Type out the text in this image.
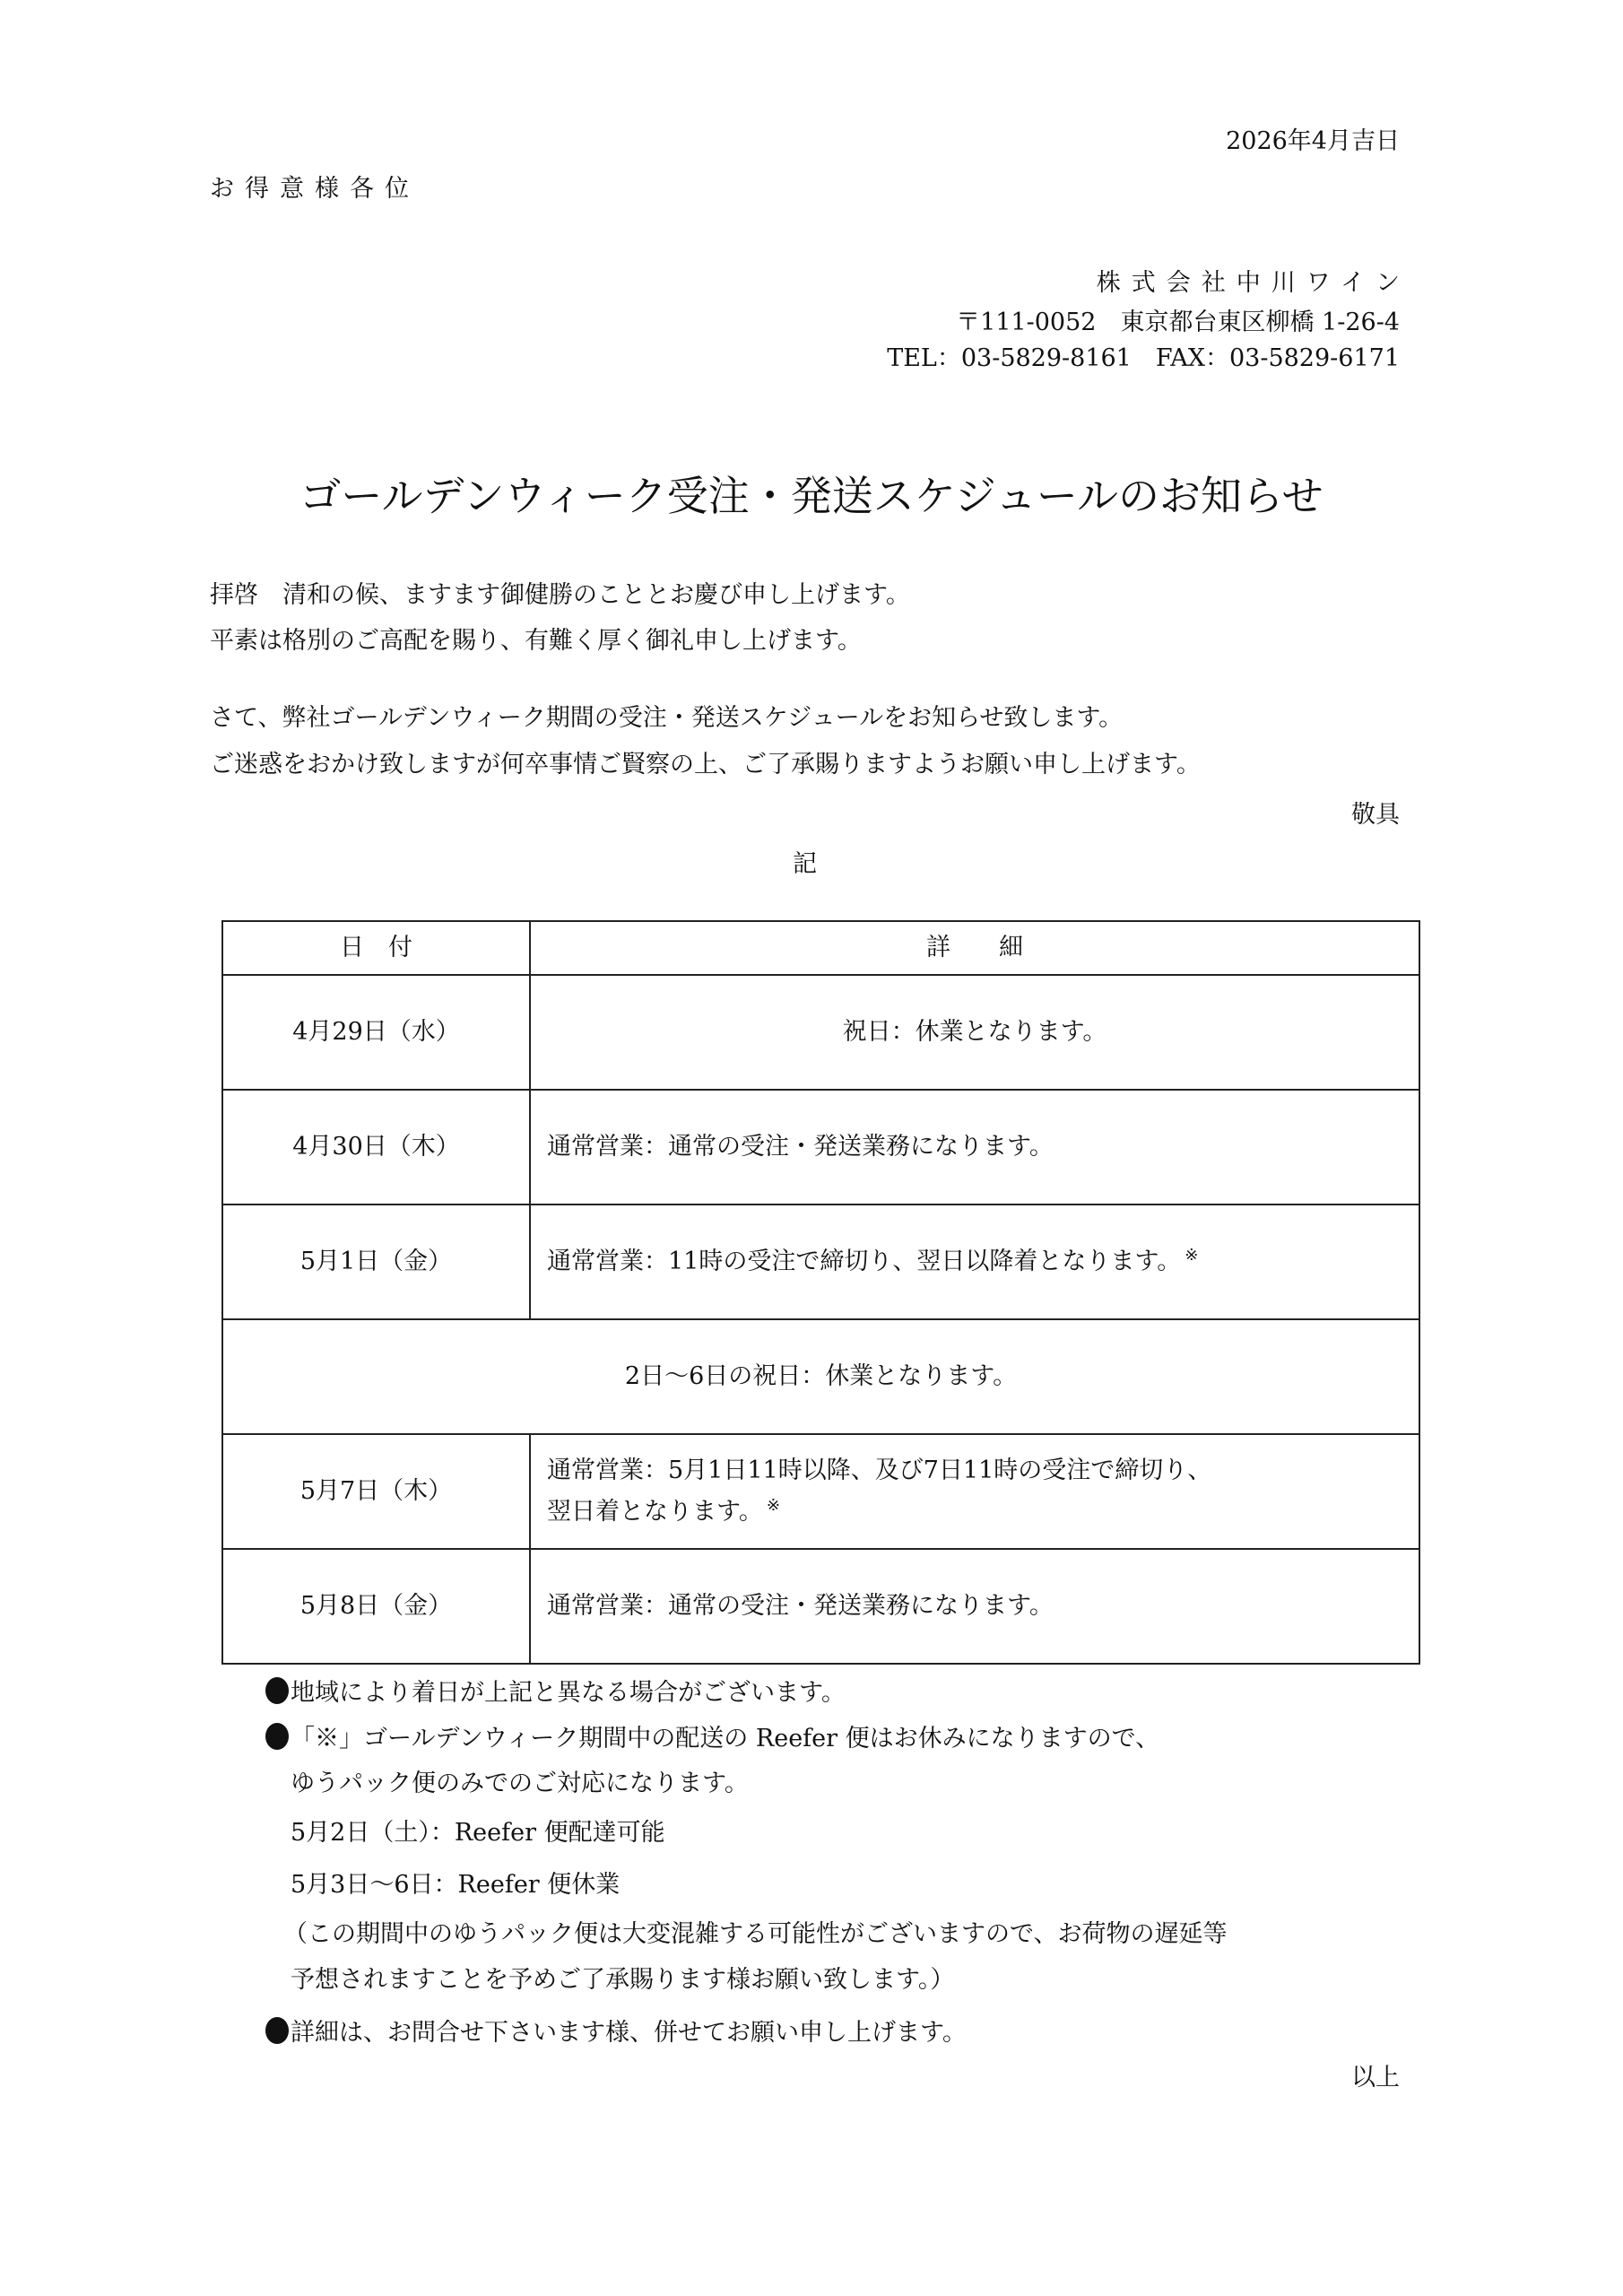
2026年4月吉日
お得意様各位
株式会社中川ワイン
〒111-0052　東京都台東区柳橋 1-26-4
TEL：03-5829-8161　FAX：03-5829-6171
ゴールデンウィーク受注・発送スケジュールのお知らせ
拝啓　清和の候、ますます御健勝のこととお慶び申し上げます。
平素は格別のご高配を賜り、有難く厚く御礼申し上げます。
さて、弊社ゴールデンウィーク期間の受注・発送スケジュールをお知らせ致します。
ご迷惑をおかけ致しますが何卒事情ご賢察の上、ご了承賜りますようお願い申し上げます。
敬具
記
日　付	詳　　細
4月29日（水）	祝日：休業となります。
4月30日（木）	通常営業：通常の受注・発送業務になります。
5月1日（金）	通常営業：11時の受注で締切り、翌日以降着となります。 ※
2日～6日の祝日：休業となります。	
5月7日（木）	通常営業：5月1日11時以降、及び7日11時の受注で締切り、
翌日着となります。 ※

5月8日（金）	通常営業：通常の受注・発送業務になります。
地域により着日が上記と異なる場合がございます。
「※」ゴールデンウィーク期間中の配送の Reefer 便はお休みになりますので、
ゆうパック便のみでのご対応になります。
5月2日（土）：Reefer 便配達可能
5月3日～6日：Reefer 便休業
（この期間中のゆうパック便は大変混雑する可能性がございますので、お荷物の遅延等
予想されますことを予めご了承賜ります様お願い致します。）
詳細は、お問合せ下さいます様、併せてお願い申し上げます。
以上
